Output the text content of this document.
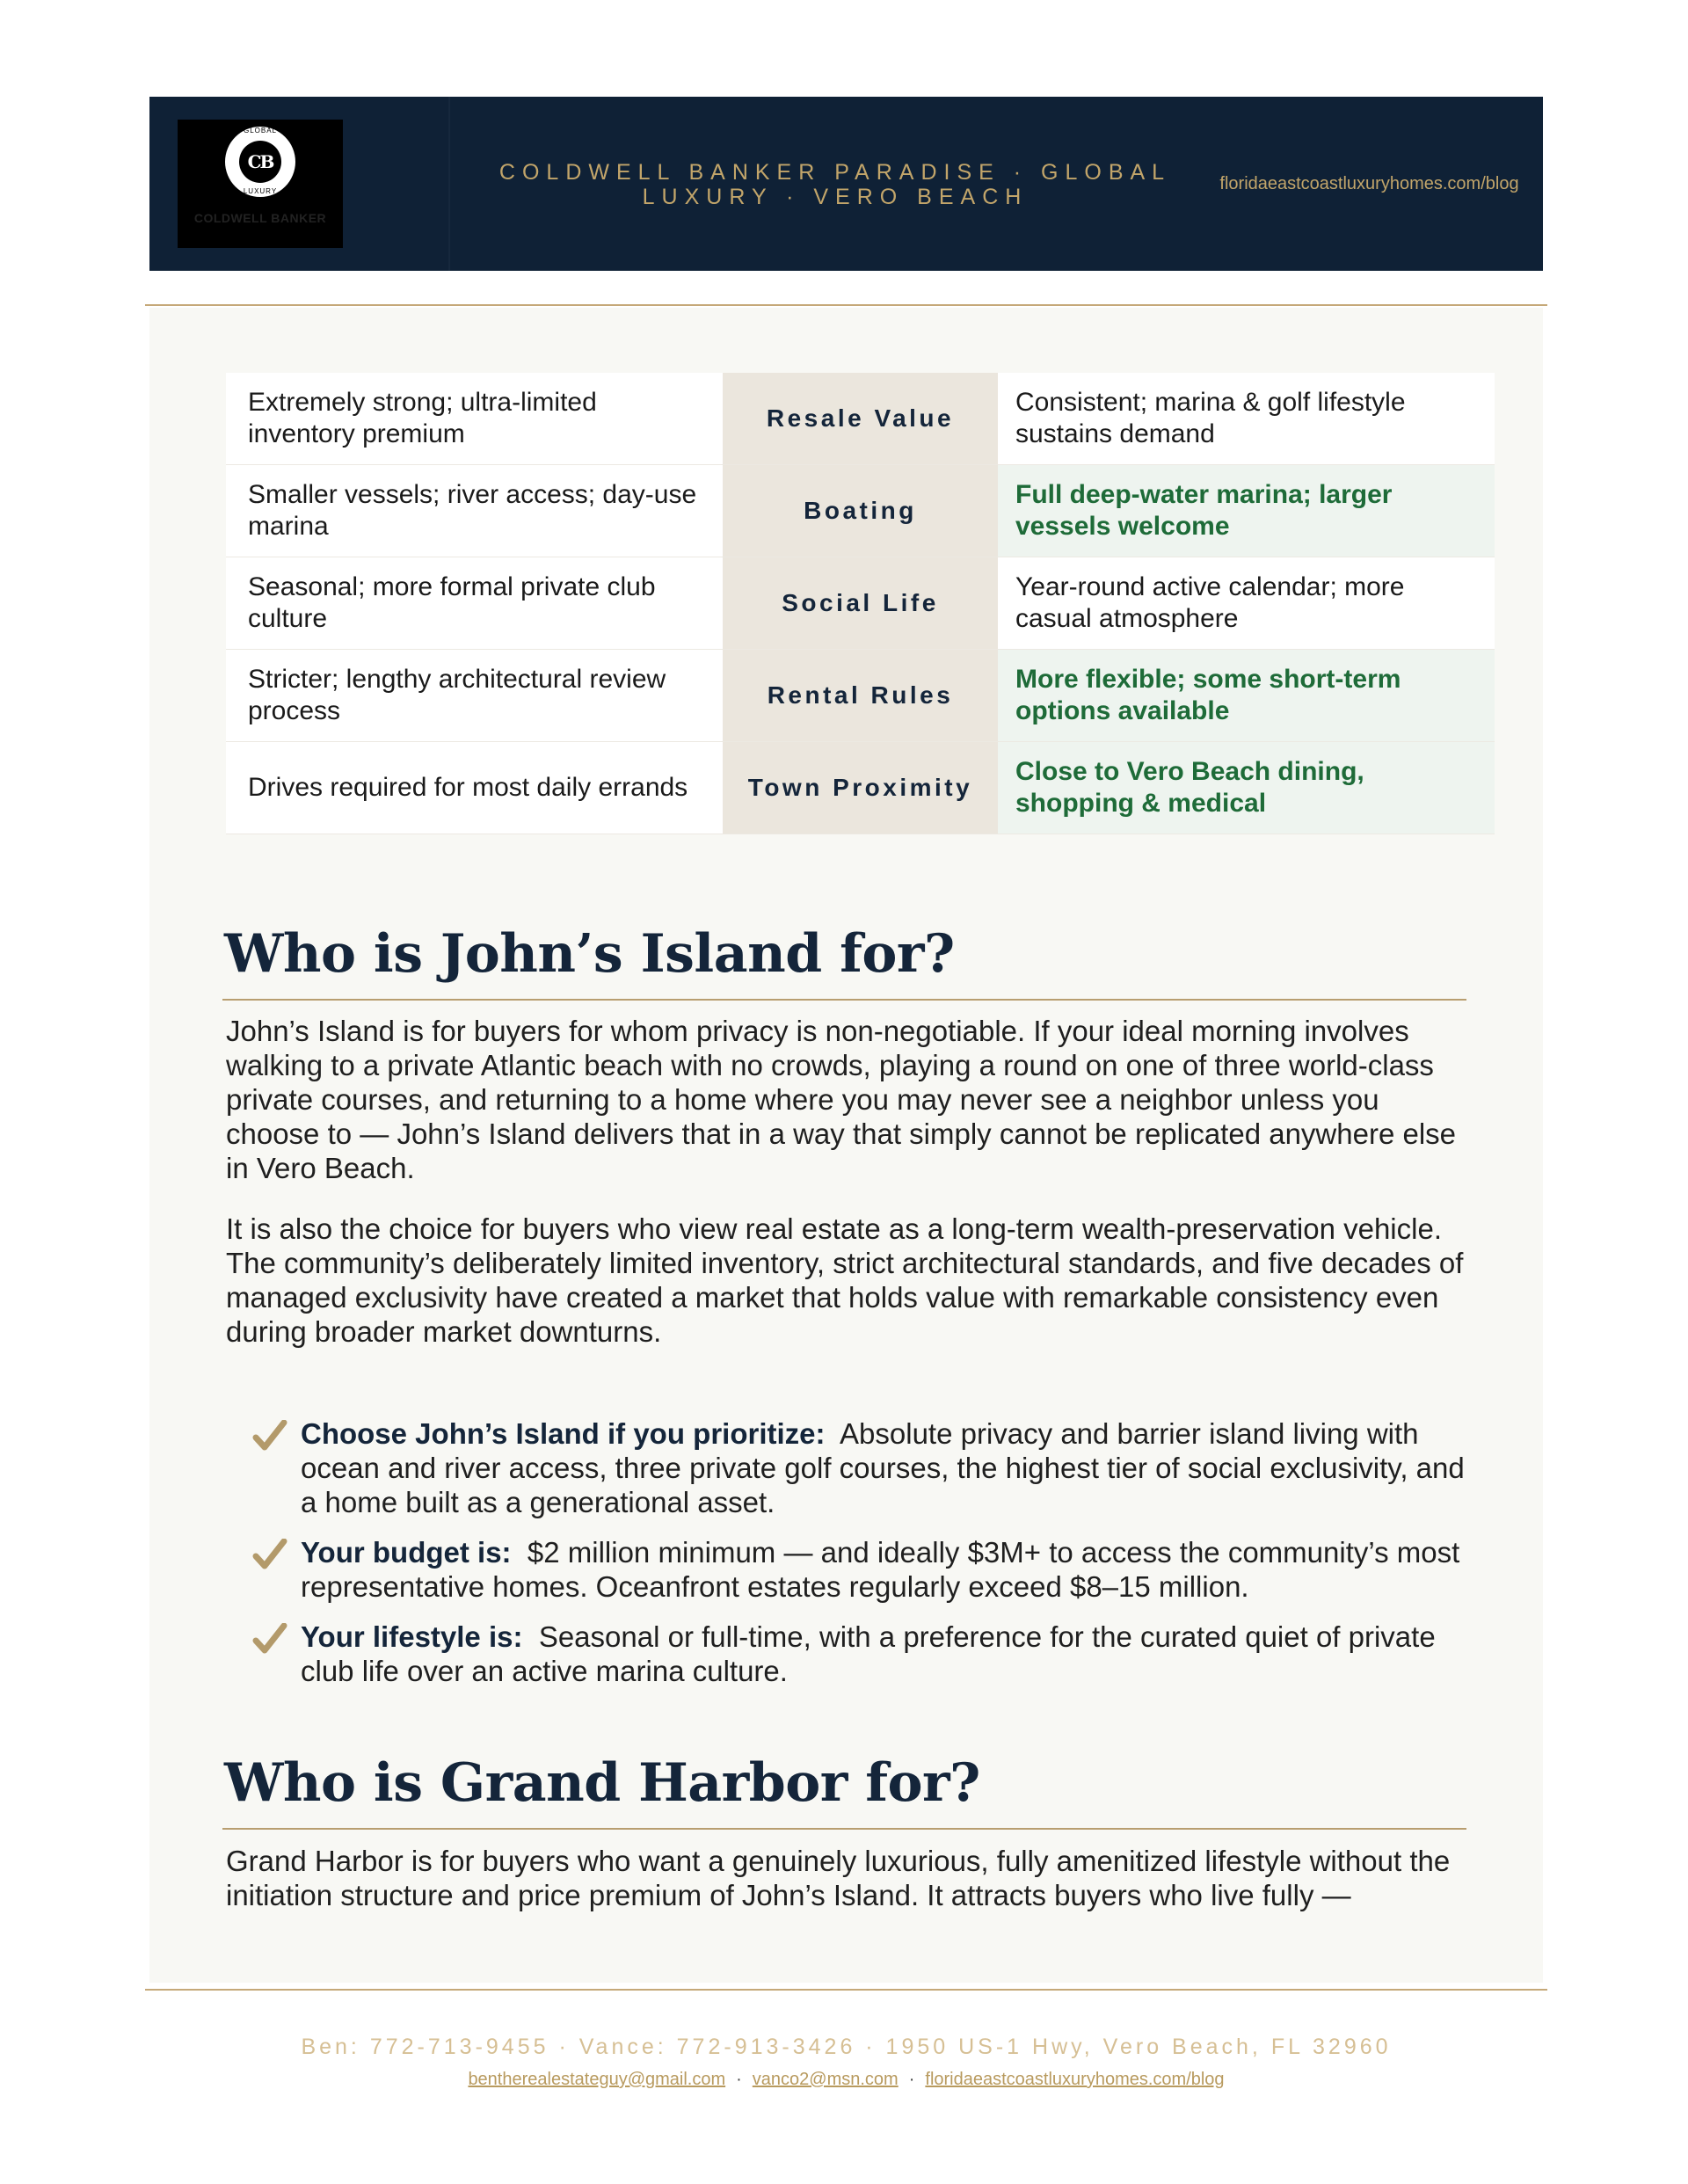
GLOBAL
CB
LUXURY
COLDWELL BANKER
COLDWELL BANKER PARADISE · GLOBAL
LUXURY · VERO BEACH
floridaeastcoastluxuryhomes.com/blog
Extremely strong; ultra-limited inventory premium
Resale Value
Consistent; marina & golf lifestyle sustains demand
Smaller vessels; river access; day-use marina
Boating
Full deep-water marina; larger vessels welcome
Seasonal; more formal private club culture
Social Life
Year-round active calendar; more casual atmosphere
Stricter; lengthy architectural review process
Rental Rules
More flexible; some short-term options available
Drives required for most daily errands	Town Proximity
Close to Vero Beach dining, shopping & medical
Who is John’s Island for?

John’s Island is for buyers for whom privacy is non-negotiable. If your ideal morning involves walking to a private Atlantic beach with no crowds, playing a round on one of three world-class private courses, and returning to a home where you may never see a neighbor unless you choose to — John’s Island delivers that in a way that simply cannot be replicated anywhere else in Vero Beach.

It is also the choice for buyers who view real estate as a long-term wealth-preservation vehicle. The community’s deliberately limited inventory, strict architectural standards, and five decades of managed exclusivity have created a market that holds value with remarkable consistency even during broader market downturns.

Choose John’s Island if you prioritize: Absolute privacy and barrier island living with ocean and river access, three private golf courses, the highest tier of social exclusivity, and a home built as a generational asset.
Your budget is: $2 million minimum — and ideally $3M+ to access the community’s most representative homes. Oceanfront estates regularly exceed $8–15 million.
Your lifestyle is: Seasonal or full-time, with a preference for the curated quiet of private club life over an active marina culture.
Who is Grand Harbor for?

Grand Harbor is for buyers who want a genuinely luxurious, fully amenitized lifestyle without the initiation structure and price premium of John’s Island. It attracts buyers who live fully —

Ben: 772-713-9455 · Vance: 772-913-3426 · 1950 US-1 Hwy, Vero Beach, FL 32960
bentherealestateguy@gmail.com · vanco2@msn.com · floridaeastcoastluxuryhomes.com/blog
